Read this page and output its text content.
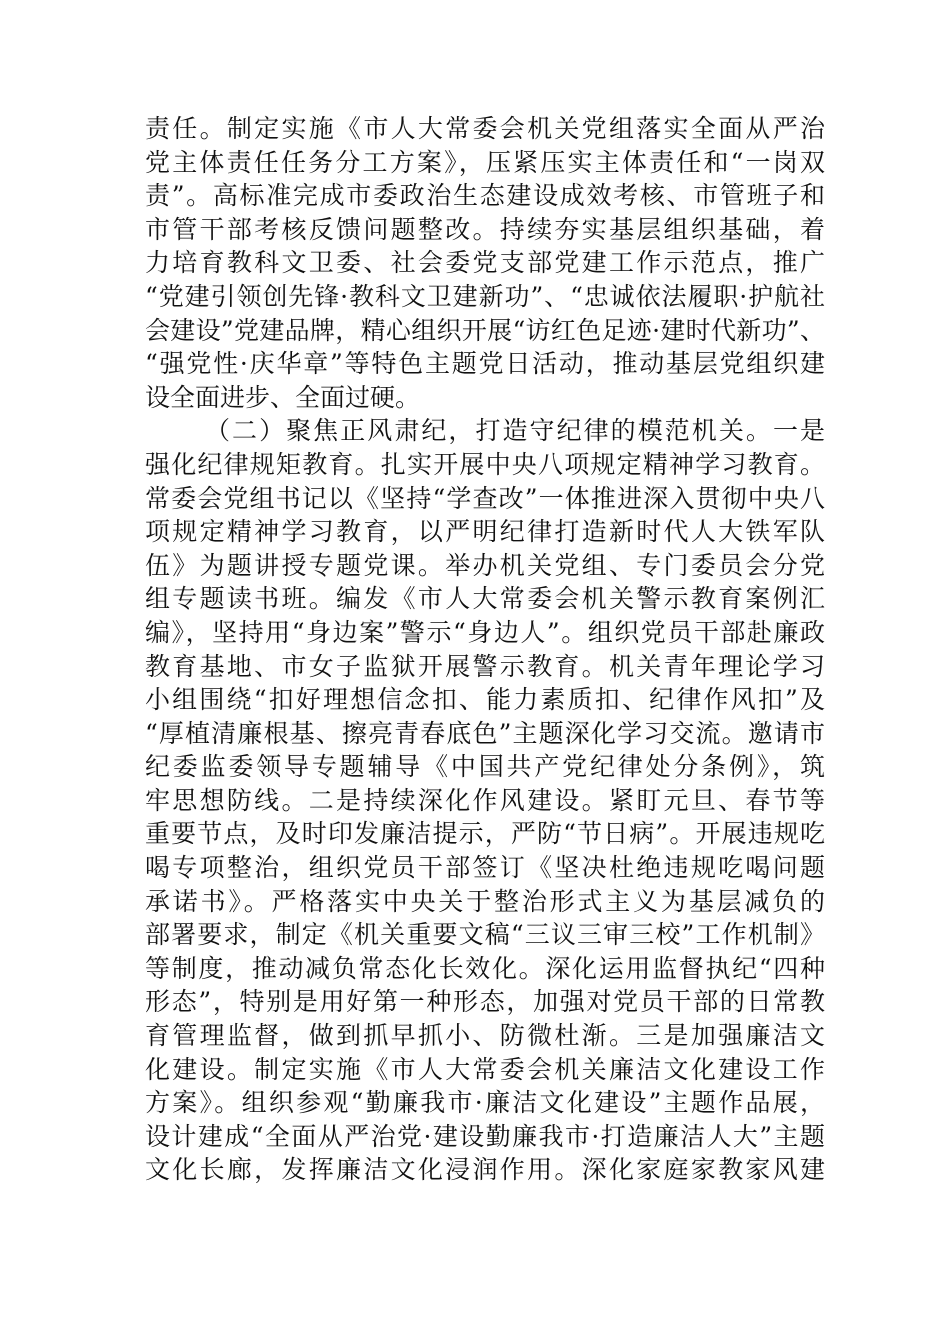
责任。制定实施《市人大常委会机关党组落实全面从严治
党主体责任任务分工方案》，压紧压实主体责任和“一岗双
责”。高标准完成市委政治生态建设成效考核、市管班子和
市管干部考核反馈问题整改。持续夯实基层组织基础，着
力培育教科文卫委、社会委党支部党建工作示范点，推广
“党建引领创先锋·教科文卫建新功”、“忠诚依法履职·护航社
会建设”党建品牌，精心组织开展“访红色足迹·建时代新功”、
“强党性·庆华章”等特色主题党日活动，推动基层党组织建
设全面进步、全面过硬。
（二）聚焦正风肃纪，打造守纪律的模范机关。一是
强化纪律规矩教育。扎实开展中央八项规定精神学习教育。
常委会党组书记以《坚持“学查改”一体推进深入贯彻中央八
项规定精神学习教育，以严明纪律打造新时代人大铁军队
伍》为题讲授专题党课。举办机关党组、专门委员会分党
组专题读书班。编发《市人大常委会机关警示教育案例汇
编》，坚持用“身边案”警示“身边人”。组织党员干部赴廉政
教育基地、市女子监狱开展警示教育。机关青年理论学习
小组围绕“扣好理想信念扣、能力素质扣、纪律作风扣”及
“厚植清廉根基、擦亮青春底色”主题深化学习交流。邀请市
纪委监委领导专题辅导《中国共产党纪律处分条例》，筑
牢思想防线。二是持续深化作风建设。紧盯元旦、春节等
重要节点，及时印发廉洁提示，严防“节日病”。开展违规吃
喝专项整治，组织党员干部签订《坚决杜绝违规吃喝问题
承诺书》。严格落实中央关于整治形式主义为基层减负的
部署要求，制定《机关重要文稿“三议三审三校”工作机制》
等制度，推动减负常态化长效化。深化运用监督执纪“四种
形态”，特别是用好第一种形态，加强对党员干部的日常教
育管理监督，做到抓早抓小、防微杜渐。三是加强廉洁文
化建设。制定实施《市人大常委会机关廉洁文化建设工作
方案》。组织参观“勤廉我市·廉洁文化建设”主题作品展，
设计建成“全面从严治党·建设勤廉我市·打造廉洁人大”主题
文化长廊，发挥廉洁文化浸润作用。深化家庭家教家风建
